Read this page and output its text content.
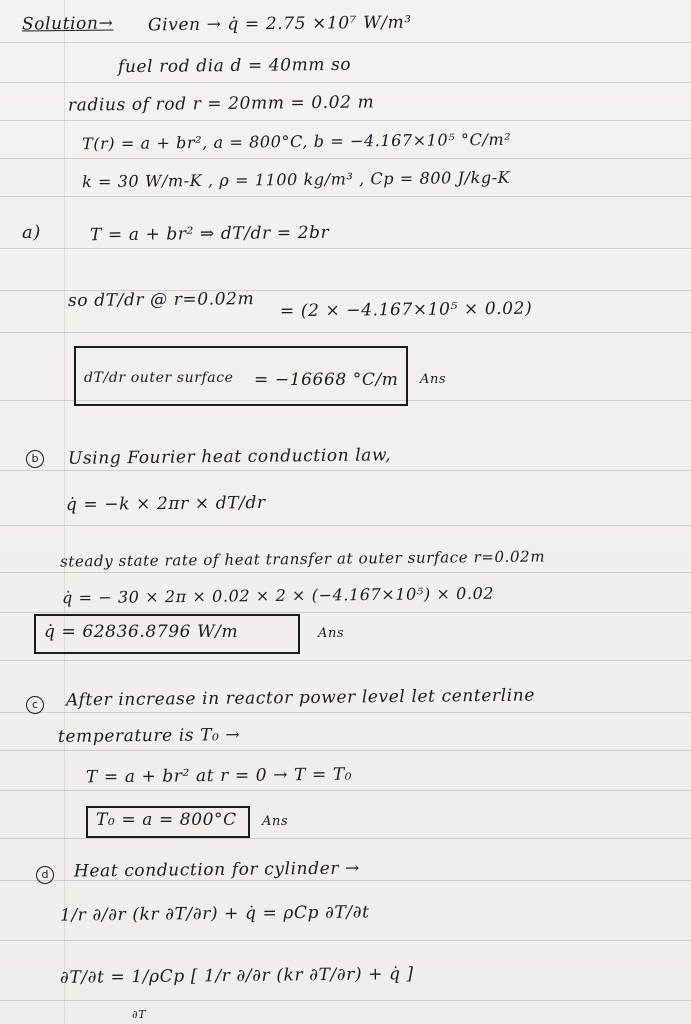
Solution→ Given → q̇ = 2.75 ×10⁷ W/m³
fuel rod dia d = 40mm so
radius of rod r = 20mm = 0.02 m
T(r) = a + br², a = 800°C, b = −4.167×10⁵ °C/m²
k = 30 W/m-K , ρ = 1100 kg/m³ , Cp = 800 J/kg-K
a)	T = a + br² ⇒ dT/dr = 2br
so dT/dr @ r=0.02m = (2 × −4.167×10⁵ × 0.02)
dT/dr outer surface = −16668 °C/m Ans
b	Using Fourier heat conduction law,
q̇ = −k × 2πr × dT/dr
steady state rate of heat transfer at outer surface r=0.02m
q̇ = − 30 × 2π × 0.02 × 2 × (−4.167×10⁵) × 0.02
q̇ = 62836.8796 W/m	Ans
c	After increase in reactor power level let centerline
temperature is T₀ →
T = a + br² at r = 0 → T = T₀
T₀ = a = 800°C Ans
d	Heat conduction for cylinder →
1/r ∂/∂r (kr ∂T/∂r) + q̇ = ρCp ∂T/∂t
∂T/∂t = 1/ρCp [ 1/r ∂/∂r (kr ∂T/∂r) + q̇ ]
∂T
